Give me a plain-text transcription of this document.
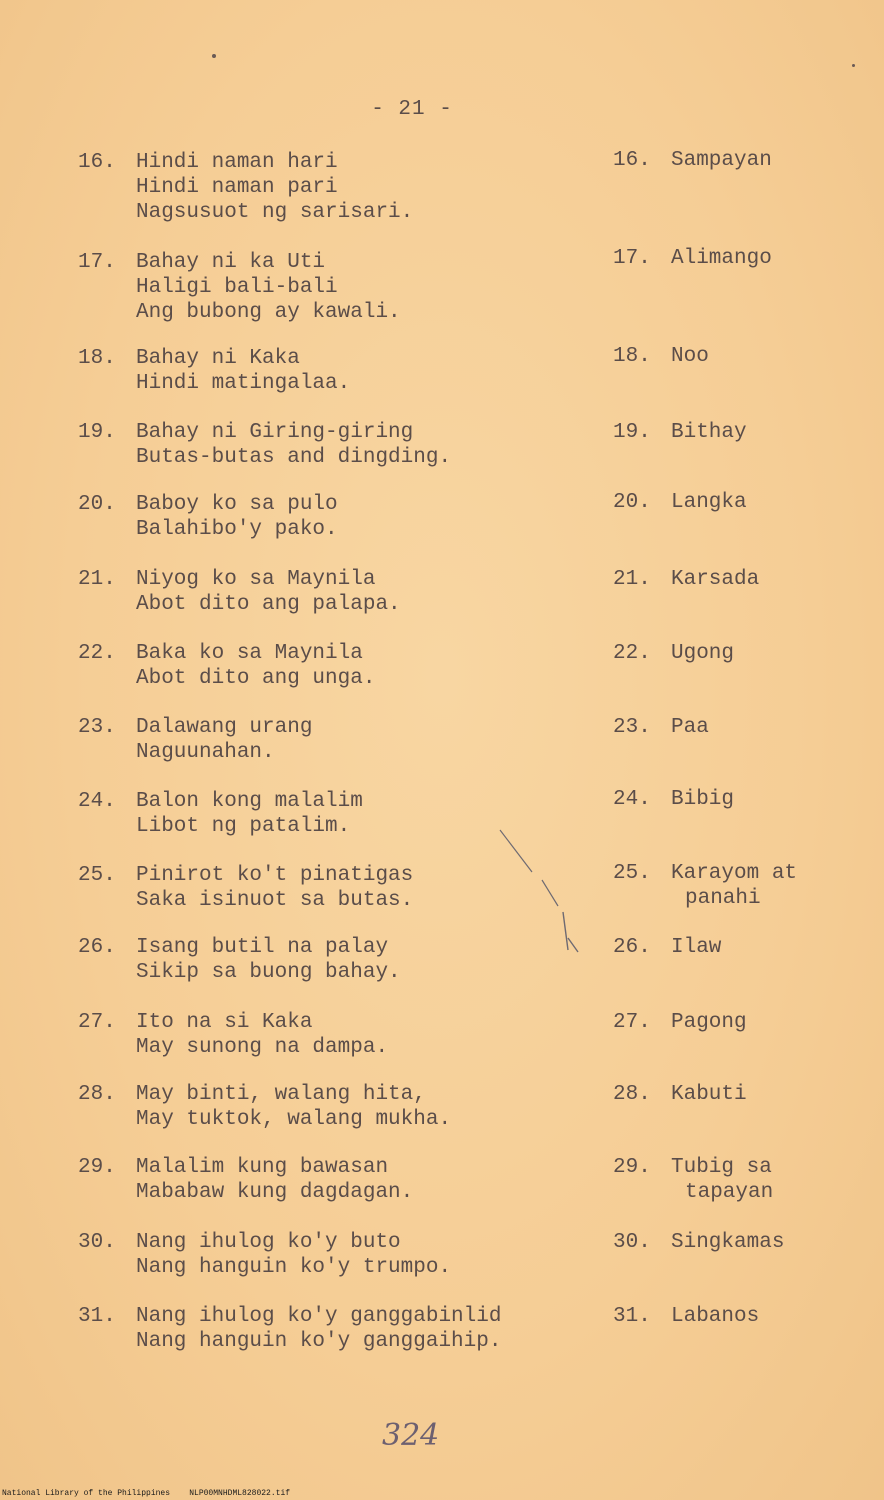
- 21 -
16. Hindi naman hari
Hindi naman pari
Nagsusuot ng sarisari.
17. Bahay ni ka Uti
Haligi bali-bali
Ang bubong ay kawali.
18. Bahay ni Kaka
Hindi matingalaa.
19. Bahay ni Giring-giring
Butas-butas and dingding.
20. Baboy ko sa pulo
Balahibo'y pako.
21. Niyog ko sa Maynila
Abot dito ang palapa.
22. Baka ko sa Maynila
Abot dito ang unga.
23. Dalawang urang
Naguunahan.
24. Balon kong malalim
Libot ng patalim.
25. Pinirot ko't pinatigas
Saka isinuot sa butas.
26. Isang butil na palay
Sikip sa buong bahay.
27. Ito na si Kaka
May sunong na dampa.
28. May binti, walang hita,
May tuktok, walang mukha.
29. Malalim kung bawasan
Mababaw kung dagdagan.
30. Nang ihulog ko'y buto
Nang hanguin ko'y trumpo.
31. Nang ihulog ko'y ganggabinlid
Nang hanguin ko'y ganggaihip.
16. Sampayan
17. Alimango
18. Noo
19. Bithay
20. Langka
21. Karsada
22. Ugong
23. Paa
24. Bibig
25. Karayom at
panahi
26. Ilaw
27. Pagong
28. Kabuti
29. Tubig sa
tapayan
30. Singkamas
31. Labanos
324
National Library of the Philippines    NLP00MNHDML828022.tif
